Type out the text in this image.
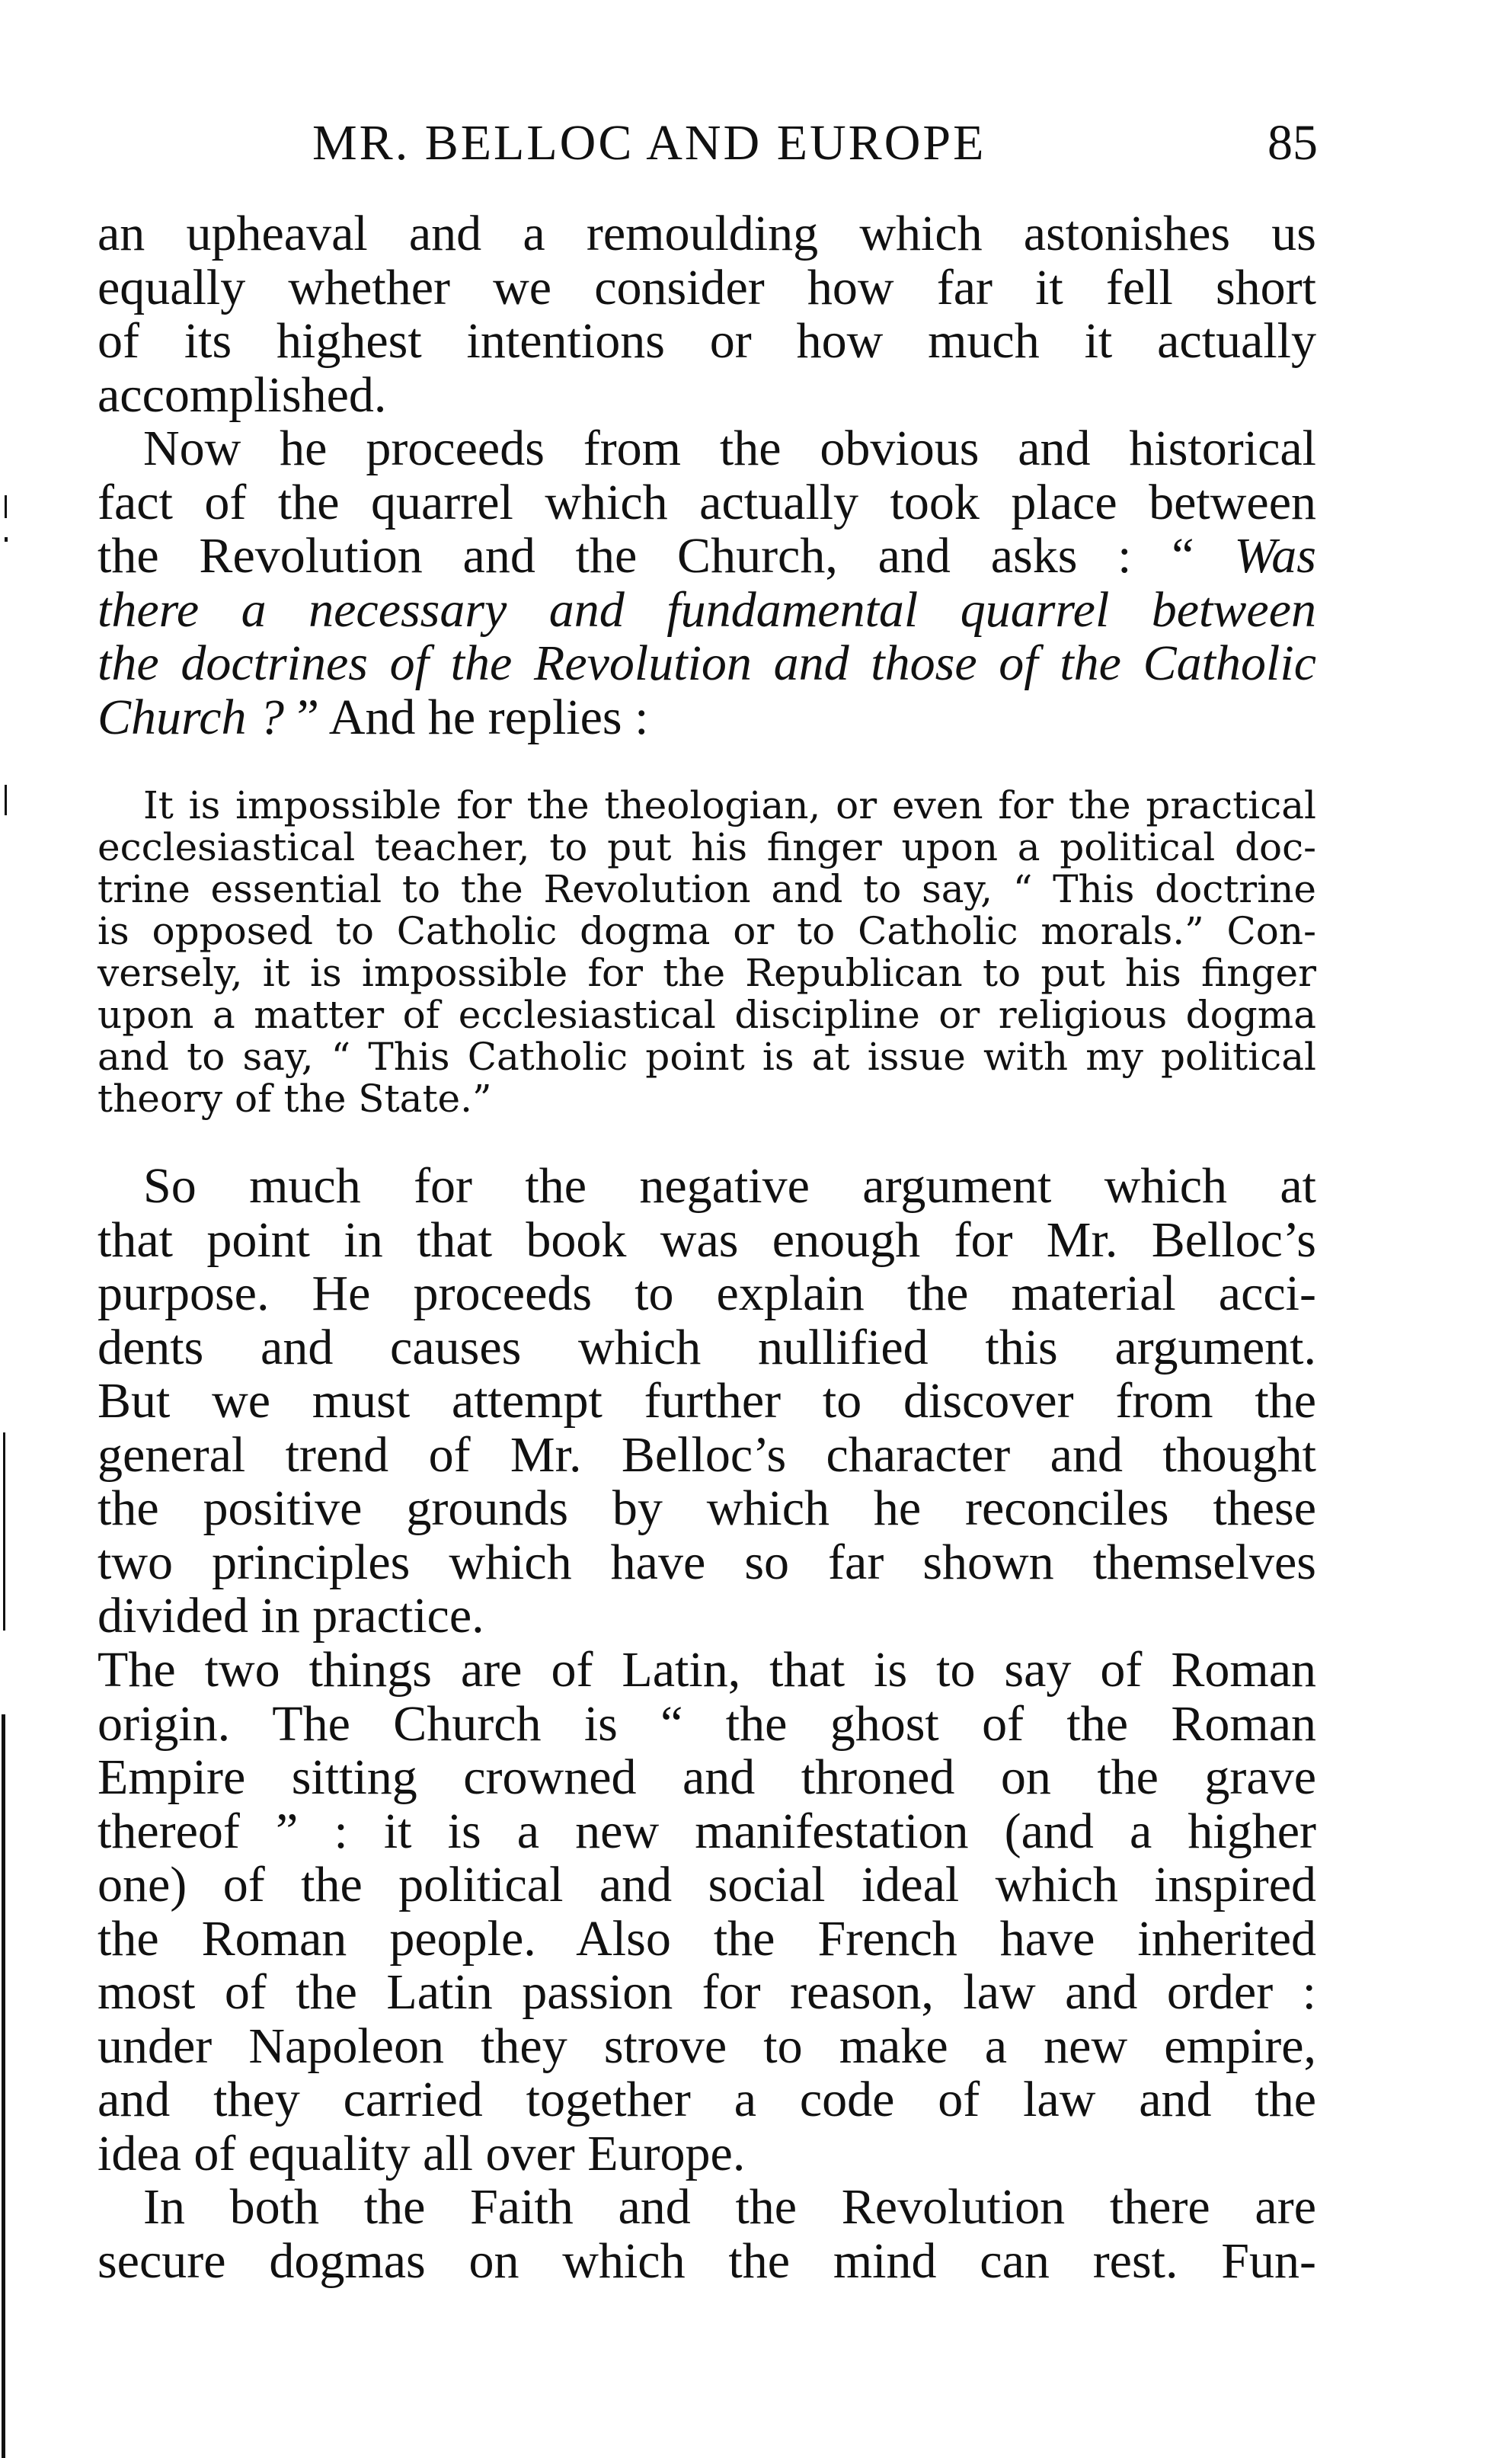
MR. BELLOC AND EUROPE	85
an upheaval and a remoulding which astonishes us
equally whether we consider how far it fell short
of its highest intentions or how much it actually
accomplished.
Now he proceeds from the obvious and historical
fact of the quarrel which actually took place between
the Revolution and the Church, and asks : “ Was
there a necessary and fundamental quarrel between
the doctrines of the Revolution and those of the Catholic
Church ? ” And he replies :
It is impossible for the theologian, or even for the practical
ecclesiastical teacher, to put his finger upon a political doc-
trine essential to the Revolution and to say, “ This doctrine
is opposed to Catholic dogma or to Catholic morals.” Con-
versely, it is impossible for the Republican to put his finger
upon a matter of ecclesiastical discipline or religious dogma
and to say, “ This Catholic point is at issue with my political
theory of the State.”
So much for the negative argument which at
that point in that book was enough for Mr. Belloc’s
purpose. He proceeds to explain the material acci-
dents and causes which nullified this argument.
But we must attempt further to discover from the
general trend of Mr. Belloc’s character and thought
the positive grounds by which he reconciles these
two principles which have so far shown themselves
divided in practice.
The two things are of Latin, that is to say of Roman
origin. The Church is “ the ghost of the Roman
Empire sitting crowned and throned on the grave
thereof ” : it is a new manifestation (and a higher
one) of the political and social ideal which inspired
the Roman people. Also the French have inherited
most of the Latin passion for reason, law and order :
under Napoleon they strove to make a new empire,
and they carried together a code of law and the
idea of equality all over Europe.
In both the Faith and the Revolution there are
secure dogmas on which the mind can rest. Fun-
